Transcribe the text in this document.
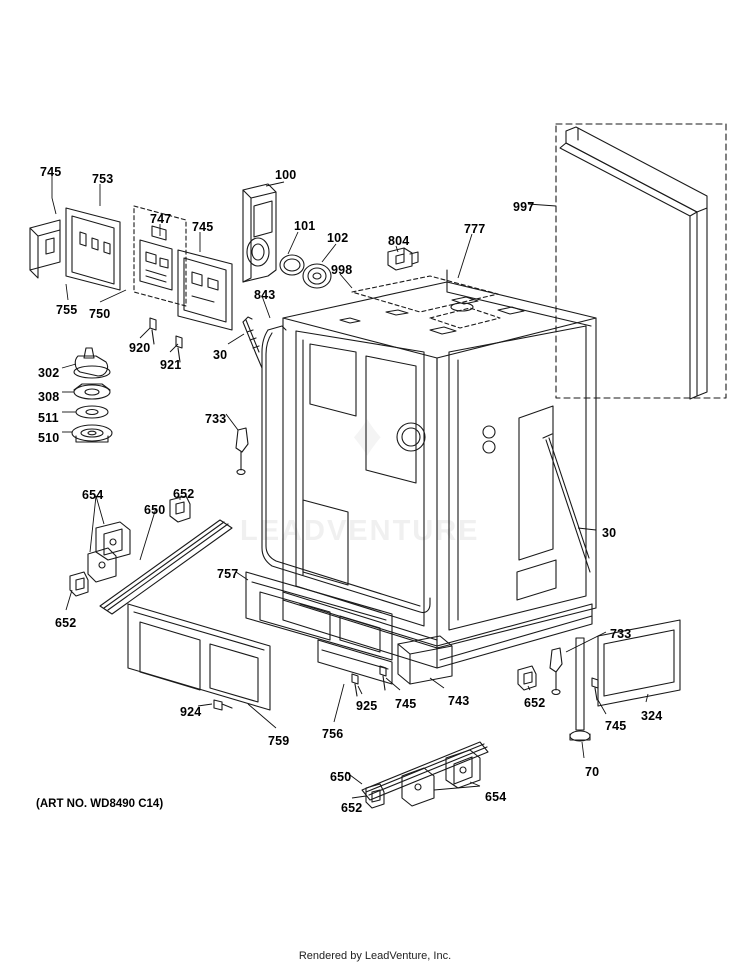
LEADVENTURE
♦
745 753
747
745
100
101
102
998
804
777
997
755 750
920
921
843
30
302
308
511
510
733
654	652
650
30
652
757
733
924	925 745	743	652
745
324
759	756
70
650
652
654
(ART NO. WD8490 C14)
Rendered by LeadVenture, Inc.
